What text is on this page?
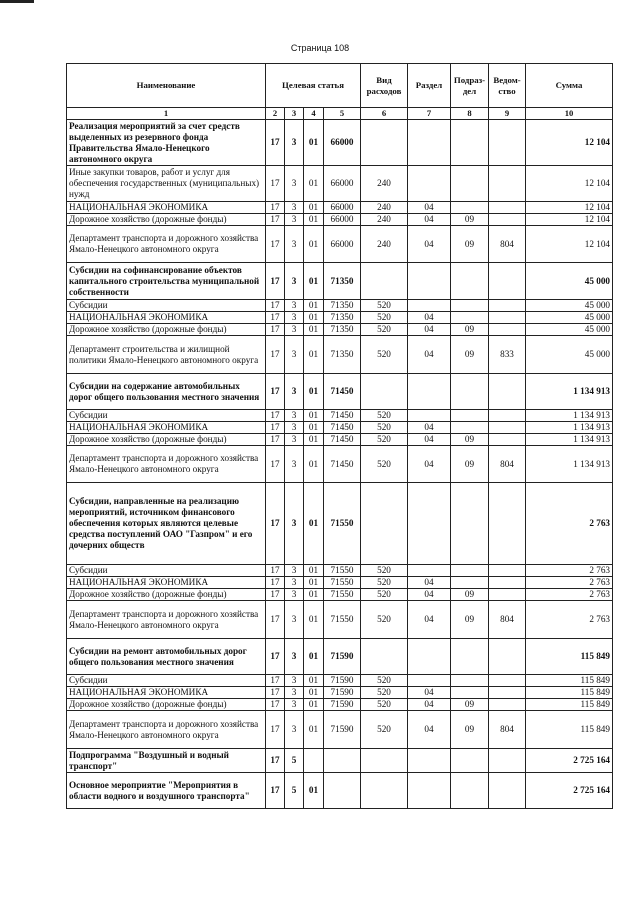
Страница 108
Наименование	Целевая статья				Вид расходов	Раздел	Подраз-дел	Ведом-ство	Сумма
1	2	3	4	5	6	7	8	9	10
Реализация мероприятий за счет средств выделенных из резервного фонда Правительства Ямало-Ненецкого автономного округа	17	3	01	66000					12 104
Иные закупки товаров, работ и услуг для обеспечения государственных (муниципальных) нужд	17	3	01	66000	240				12 104
НАЦИОНАЛЬНАЯ ЭКОНОМИКА	17	3	01	66000	240	04			12 104
Дорожное хозяйство (дорожные фонды)	17	3	01	66000	240	04	09		12 104
Департамент транспорта и дорожного хозяйства Ямало-Ненецкого автономного округа	17	3	01	66000	240	04	09	804	12 104
Субсидии на софинансирование объектов капитального строительства муниципальной собственности	17	3	01	71350					45 000
Субсидии	17	3	01	71350	520				45 000
НАЦИОНАЛЬНАЯ ЭКОНОМИКА	17	3	01	71350	520	04			45 000
Дорожное хозяйство (дорожные фонды)	17	3	01	71350	520	04	09		45 000
Департамент строительства и жилищной политики Ямало-Ненецкого автономного округа	17	3	01	71350	520	04	09	833	45 000
Субсидии на содержание автомобильных дорог общего пользования местного значения	17	3	01	71450					1 134 913
Субсидии	17	3	01	71450	520				1 134 913
НАЦИОНАЛЬНАЯ ЭКОНОМИКА	17	3	01	71450	520	04			1 134 913
Дорожное хозяйство (дорожные фонды)	17	3	01	71450	520	04	09		1 134 913
Департамент транспорта и дорожного хозяйства Ямало-Ненецкого автономного округа	17	3	01	71450	520	04	09	804	1 134 913
Субсидии, направленные на реализацию мероприятий, источником финансового обеспечения которых являются целевые средства поступлений ОАО "Газпром" и его дочерних обществ	17	3	01	71550					2 763
Субсидии	17	3	01	71550	520				2 763
НАЦИОНАЛЬНАЯ ЭКОНОМИКА	17	3	01	71550	520	04			2 763
Дорожное хозяйство (дорожные фонды)	17	3	01	71550	520	04	09		2 763
Департамент транспорта и дорожного хозяйства Ямало-Ненецкого автономного округа	17	3	01	71550	520	04	09	804	2 763
Субсидии на ремонт автомобильных дорог общего пользования местного значения	17	3	01	71590					115 849
Субсидии	17	3	01	71590	520				115 849
НАЦИОНАЛЬНАЯ ЭКОНОМИКА	17	3	01	71590	520	04			115 849
Дорожное хозяйство (дорожные фонды)	17	3	01	71590	520	04	09		115 849
Департамент транспорта и дорожного хозяйства Ямало-Ненецкого автономного округа	17	3	01	71590	520	04	09	804	115 849
Подпрограмма "Воздушный и водный транспорт"	17	5							2 725 164
Основное мероприятие "Мероприятия в области водного и воздушного транспорта"	17	5	01						2 725 164
